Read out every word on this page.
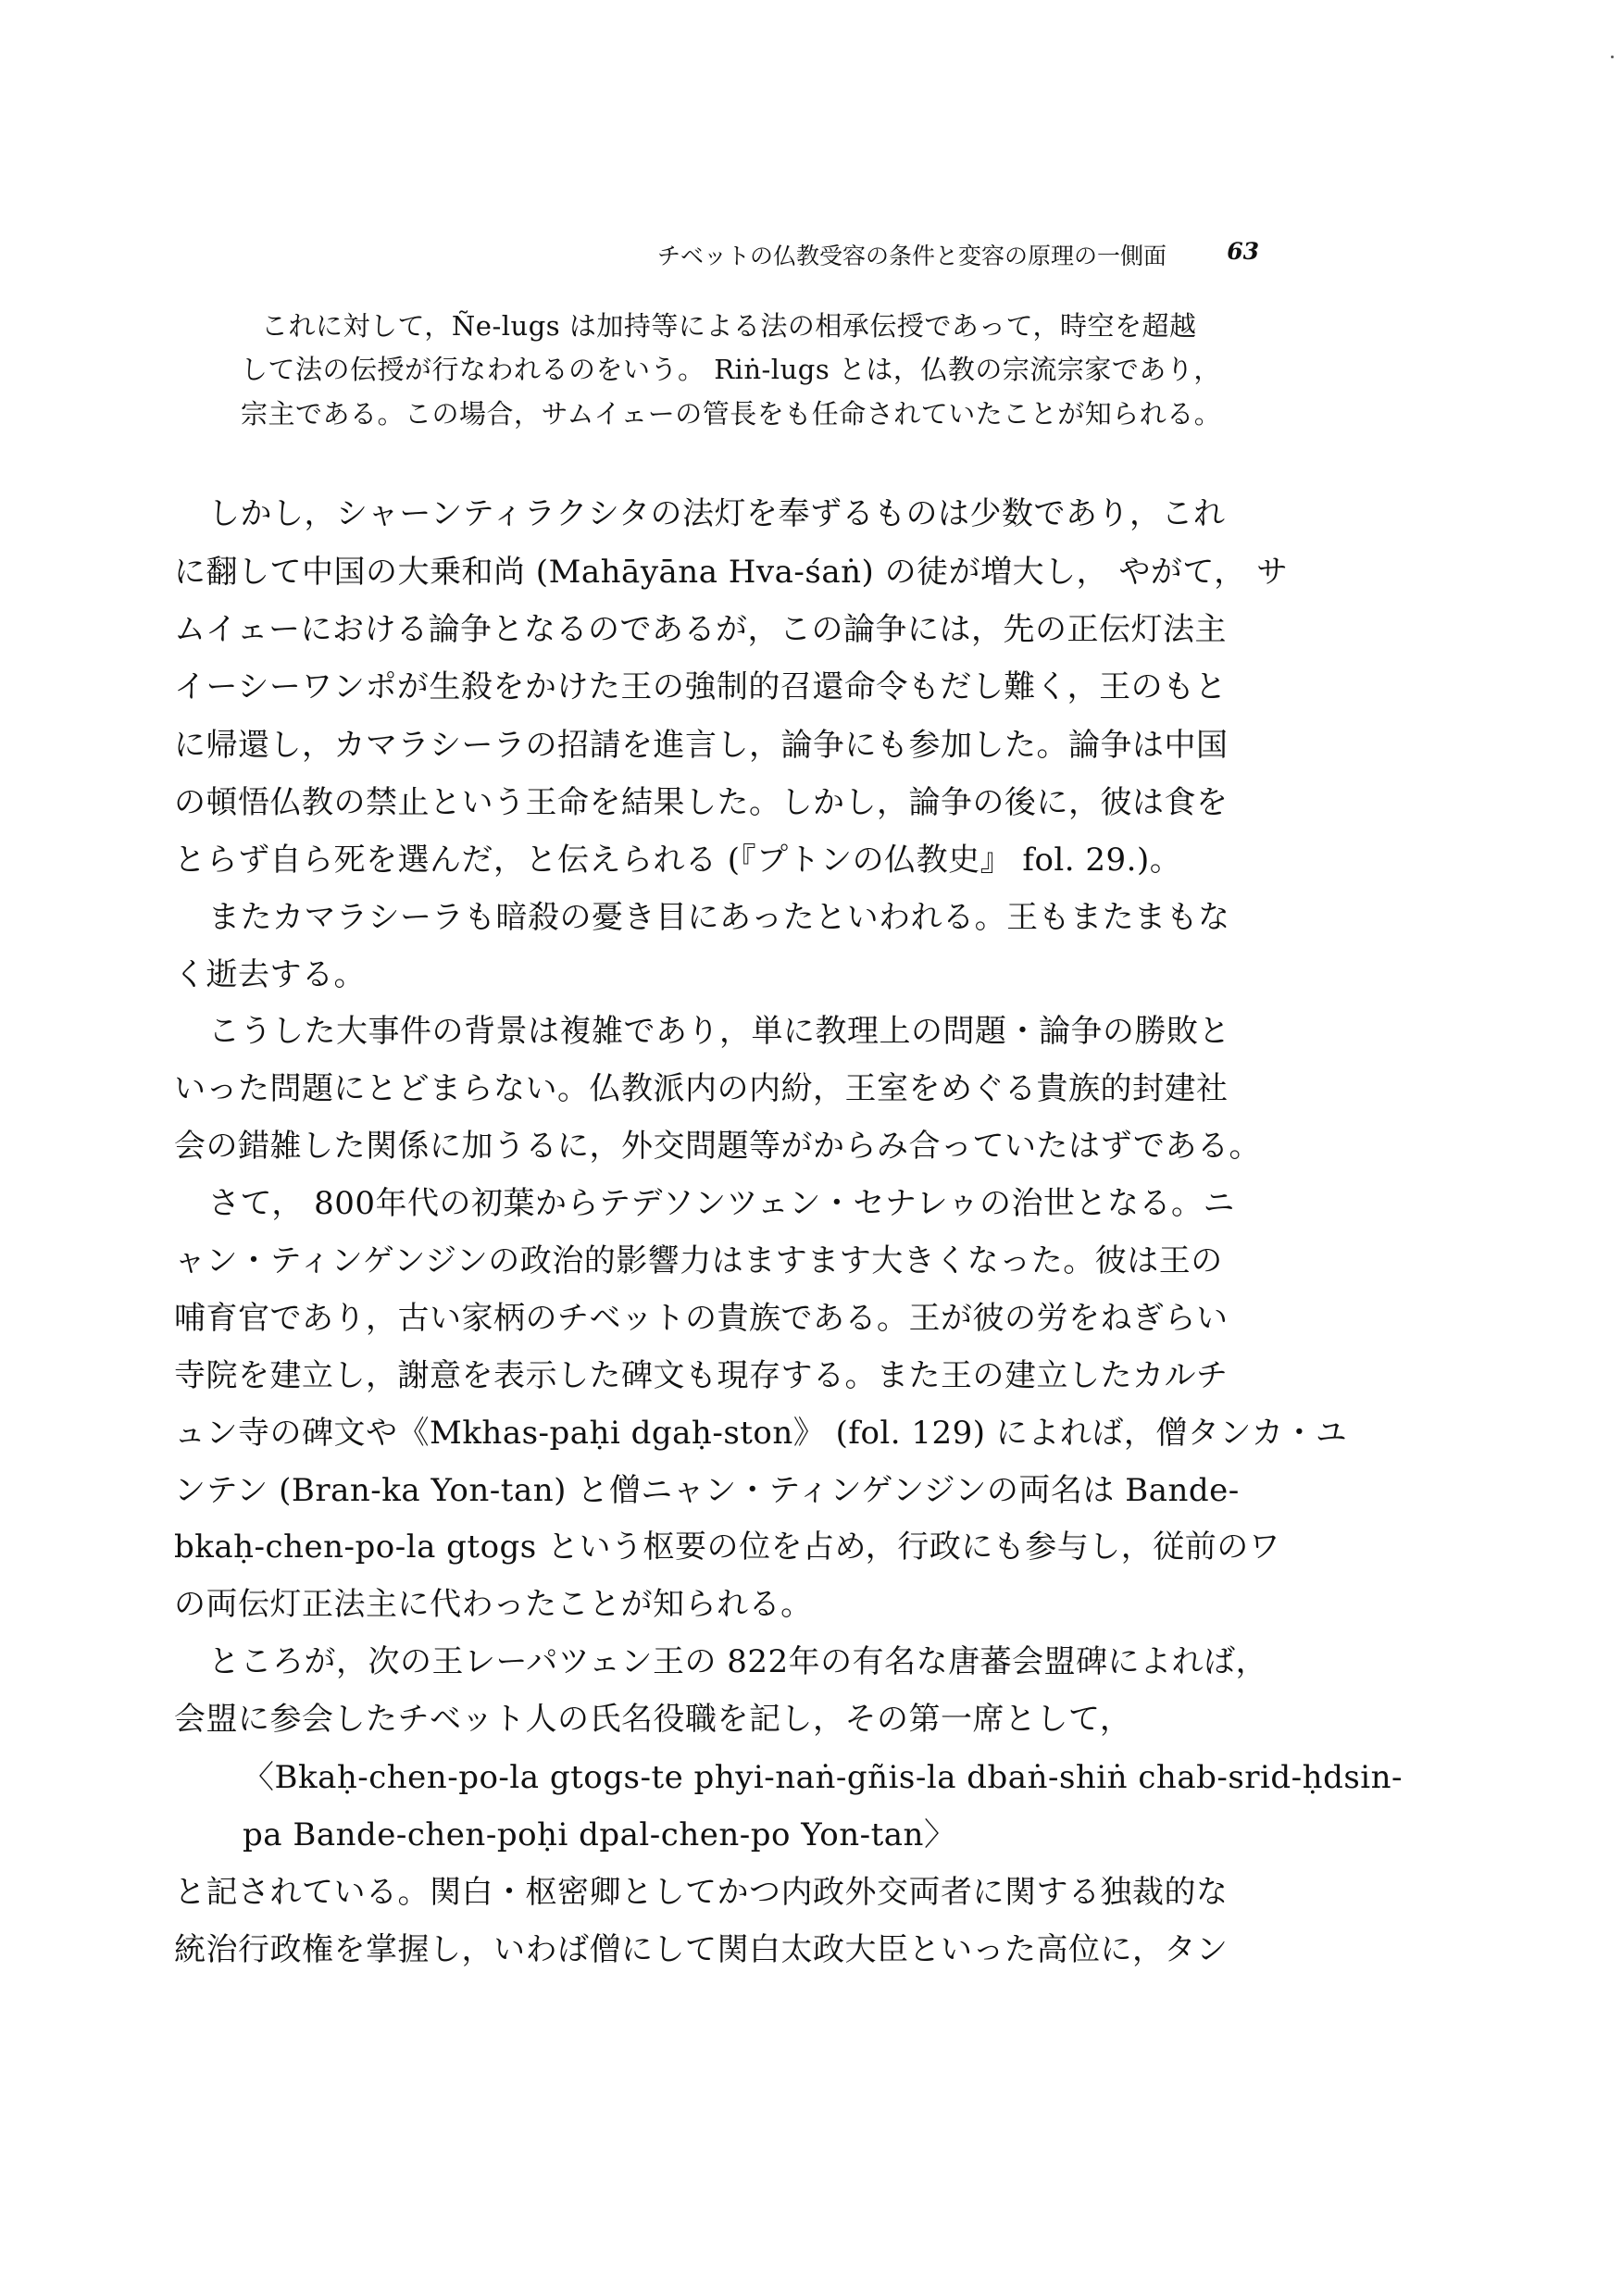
チベットの仏教受容の条件と変容の原理の一側面	63
これに対して，Ñe-lugs は加持等による法の相承伝授であって，時空を超越
して法の伝授が行なわれるのをいう。 Riṅ-lugs とは，仏教の宗流宗家であり，
宗主である。この場合，サムイェーの管長をも任命されていたことが知られる。
しかし，シャーンティラクシタの法灯を奉ずるものは少数であり，これ
に翻して中国の大乗和尚 (Mahāyāna Hva-śaṅ) の徒が増大し， やがて， サ
ムイェーにおける論争となるのであるが，この論争には，先の正伝灯法主
イーシーワンポが生殺をかけた王の強制的召還命令もだし難く，王のもと
に帰還し，カマラシーラの招請を進言し，論争にも参加した。論争は中国
の頓悟仏教の禁止という王命を結果した。しかし，論争の後に，彼は食を
とらず自ら死を選んだ，と伝えられる (『プトンの仏教史』 fol. 29.)。
またカマラシーラも暗殺の憂き目にあったといわれる。王もまたまもな
く逝去する。
こうした大事件の背景は複雑であり，単に教理上の問題・論争の勝敗と
いった問題にとどまらない。仏教派内の内紛，王室をめぐる貴族的封建社
会の錯雑した関係に加うるに，外交問題等がからみ合っていたはずである。
さて， 800年代の初葉からテデソンツェン・セナレゥの治世となる。ニ
ャン・ティンゲンジンの政治的影響力はますます大きくなった。彼は王の
哺育官であり，古い家柄のチベットの貴族である。王が彼の労をねぎらい
寺院を建立し，謝意を表示した碑文も現存する。また王の建立したカルチ
ュン寺の碑文や《Mkhas-paḥi dgaḥ-ston》 (fol. 129) によれば，僧タンカ・ユ
ンテン (Bran-ka Yon-tan) と僧ニャン・ティンゲンジンの両名は Bande-
bkaḥ-chen-po-la gtogs という枢要の位を占め，行政にも参与し，従前のワ
の両伝灯正法主に代わったことが知られる。
ところが，次の王レーパツェン王の 822年の有名な唐蕃会盟碑によれば，
会盟に参会したチベット人の氏名役職を記し，その第一席として，
〈Bkaḥ-chen-po-la gtogs-te phyi-naṅ-gñis-la dbaṅ-shiṅ chab-srid-ḥdsin-
pa Bande-chen-poḥi dpal-chen-po Yon-tan〉
と記されている。関白・枢密卿としてかつ内政外交両者に関する独裁的な
統治行政権を掌握し，いわば僧にして関白太政大臣といった高位に，タン
